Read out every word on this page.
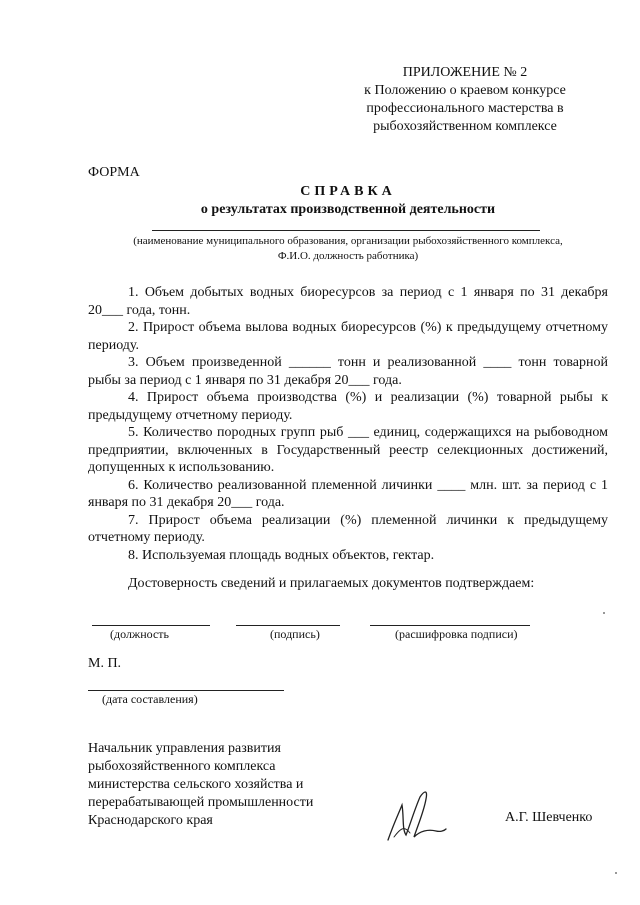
ПРИЛОЖЕНИЕ № 2
к Положению о краевом конкурсе
профессионального мастерства в
рыбохозяйственном комплексе
ФОРМА
СПРАВКА
о результатах производственной деятельности
(наименование муниципального образования, организации рыбохозяйственного комплекса,
Ф.И.О. должность работника)

1. Объем добытых водных биоресурсов за период с 1 января по 31 декабря 20___ года, тонн.

2. Прирост объема вылова водных биоресурсов (%) к предыдущему отчетному периоду.

3. Объем произведенной ______ тонн и реализованной ____ тонн товарной рыбы за период с 1 января по 31 декабря 20___ года.

4. Прирост объема производства (%) и реализации (%) товарной рыбы к предыдущему отчетному периоду.

5. Количество породных групп рыб ___ единиц, содержащихся на рыбоводном предприятии, включенных в Государственный реестр селекционных достижений, допущенных к использованию.

6. Количество реализованной племенной личинки ____ млн. шт. за период с 1 января по 31 декабря 20___ года.

7. Прирост объема реализации (%) племенной личинки к предыдущему отчетному периоду.

8. Используемая площадь водных объектов, гектар.

Достоверность сведений и прилагаемых документов подтверждаем:
(должность	(подпись)	(расшифровка подписи)
М. П.
(дата составления)
Начальник управления развития
рыбохозяйственного комплекса
министерства сельского хозяйства и
перерабатывающей промышленности
Краснодарского края	А.Г. Шевченко
